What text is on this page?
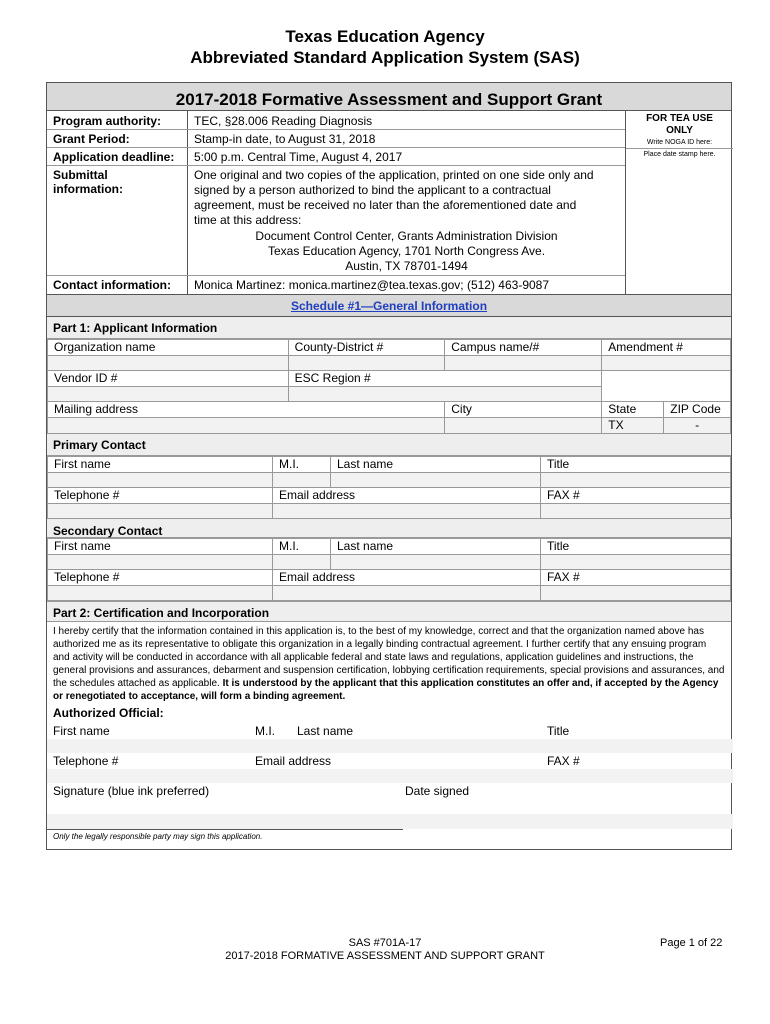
Texas Education Agency
Abbreviated Standard Application System (SAS)
2017-2018 Formative Assessment and Support Grant
Program authority:	TEC, §28.006 Reading Diagnosis
Grant Period:	Stamp-in date, to August 31, 2018
Application deadline: 5:00 p.m. Central Time, August 4, 2017
Submittal
information:
One original and two copies of the application, printed on one side only and
signed by a person authorized to bind the applicant to a contractual
agreement, must be received no later than the aforementioned date and
time at this address:
Document Control Center, Grants Administration Division
Texas Education Agency, 1701 North Congress Ave.
Austin, TX 78701-1494
Contact information: Monica Martinez: monica.martinez@tea.texas.gov; (512) 463-9087
FOR TEA USE
ONLY
Write NOGA ID here:
Place date stamp here.
Schedule #1—General Information
Part 1: Applicant Information
Organization name	County-District #	Campus name/#	Amendment #	

Vendor ID #	ESC Region #			

Mailing address		City	State	ZIP Code
			TX	-
Primary Contact
First name	M.I.	Last name	Title

Telephone #	Email address		FAX #

Secondary Contact
First name	M.I.	Last name	Title

Telephone #	Email address		FAX #

Part 2: Certification and Incorporation
I hereby certify that the information contained in this application is, to the best of my knowledge, correct and that the organization named above has authorized me as its representative to obligate this organization in a legally binding contractual agreement. I further certify that any ensuing program and activity will be conducted in accordance with all applicable federal and state laws and regulations, application guidelines and instructions, the general provisions and assurances, debarment and suspension certification, lobbying certification requirements, special provisions and assurances, and the schedules attached as applicable. It is understood by the applicant that this application constitutes an offer and, if accepted by the Agency or renegotiated to acceptance, will form a binding agreement.
Authorized Official:
First name	M.I. Last name	Title
Telephone #	Email address	FAX #
Signature (blue ink preferred)	Date signed
Only the legally responsible party may sign this application.
SAS #701A-17
2017-2018 FORMATIVE ASSESSMENT AND SUPPORT GRANT
Page 1 of 22
